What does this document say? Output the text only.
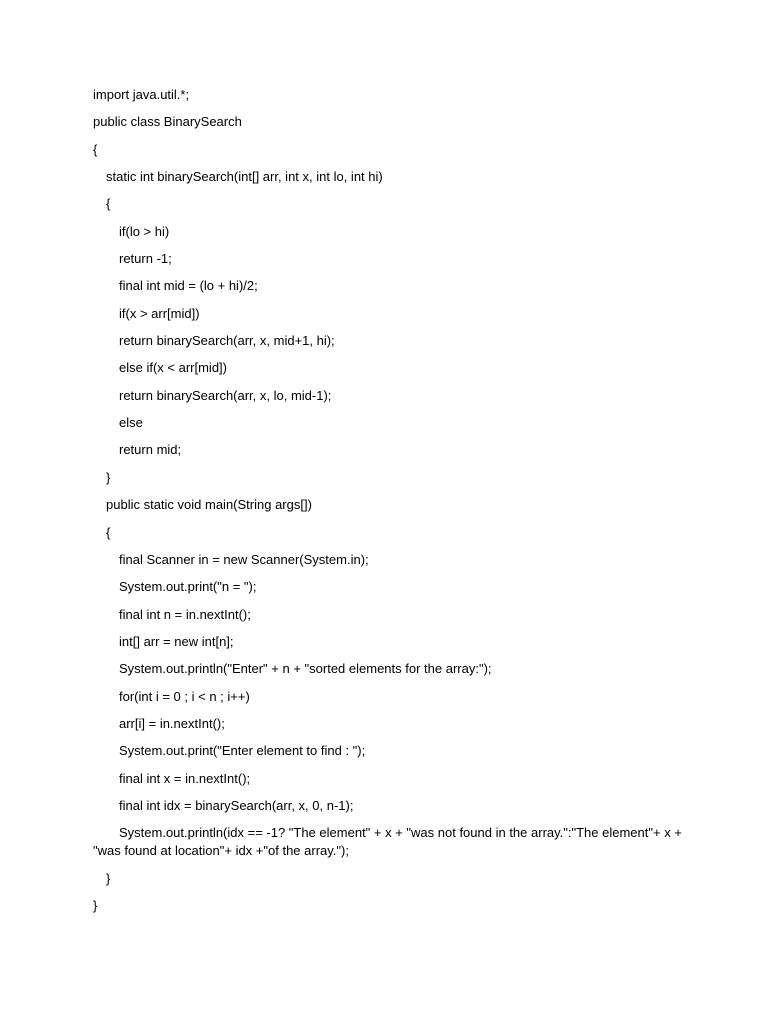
import java.util.*;
public class BinarySearch
{
static int binarySearch(int[] arr, int x, int lo, int hi)
{
if(lo > hi)
return -1;
final int mid = (lo + hi)/2;
if(x > arr[mid])
return binarySearch(arr, x, mid+1, hi);
else if(x < arr[mid])
return binarySearch(arr, x, lo, mid-1);
else
return mid;
}
public static void main(String args[])
{
final Scanner in = new Scanner(System.in);
System.out.print("n = ");
final int n = in.nextInt();
int[] arr = new int[n];
System.out.println("Enter" + n + "sorted elements for the array:");
for(int i = 0 ; i < n ; i++)
arr[i] = in.nextInt();
System.out.print("Enter element to find : ");
final int x = in.nextInt();
final int idx = binarySearch(arr, x, 0, n-1);
System.out.println(idx == -1? "The element" + x + "was not found in the array.":"The element"+ x + "was found at location"+ idx +"of the array.");
}
}
